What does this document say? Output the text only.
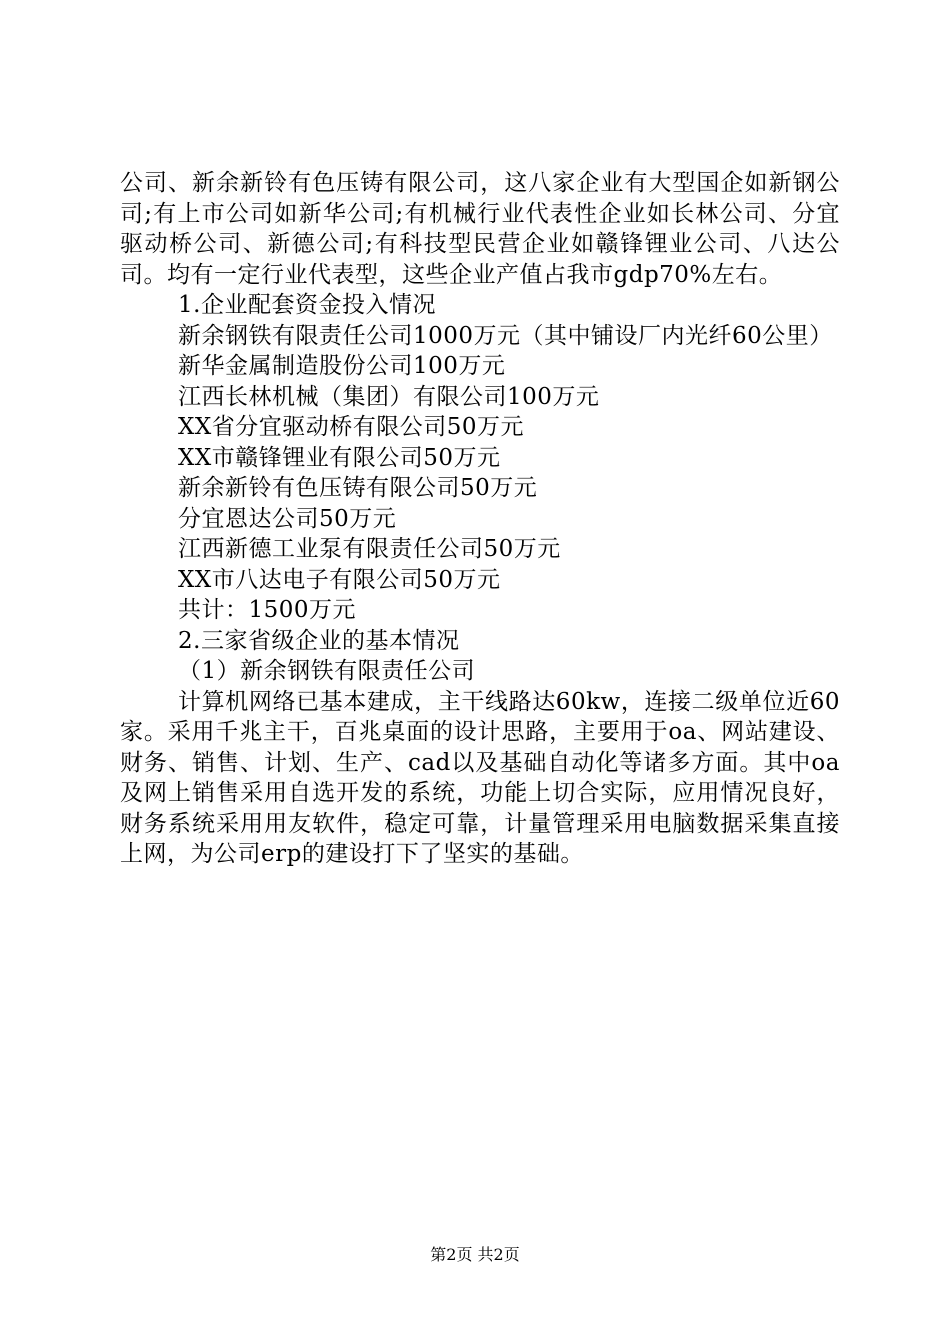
公司、新余新铃有色压铸有限公司，这八家企业有大型国企如新钢公司;有上市公司如新华公司;有机械行业代表性企业如长林公司、分宜驱动桥公司、新德公司;有科技型民营企业如赣锋锂业公司、八达公司。均有一定行业代表型，这些企业产值占我市gdp70%左右。

1.企业配套资金投入情况

新余钢铁有限责任公司1000万元（其中铺设厂内光纤60公里）

新华金属制造股份公司100万元

江西长林机械（集团）有限公司100万元

XX省分宜驱动桥有限公司50万元

XX市赣锋锂业有限公司50万元

新余新铃有色压铸有限公司50万元

分宜恩达公司50万元

江西新德工业泵有限责任公司50万元

XX市八达电子有限公司50万元

共计：1500万元

2.三家省级企业的基本情况

（1）新余钢铁有限责任公司

计算机网络已基本建成，主干线路达60kw，连接二级单位近60家。采用千兆主干，百兆桌面的设计思路，主要用于oa、网站建设、财务、销售、计划、生产、cad以及基础自动化等诸多方面。其中oa及网上销售采用自选开发的系统，功能上切合实际，应用情况良好，财务系统采用用友软件，稳定可靠，计量管理采用电脑数据采集直接上网，为公司erp的建设打下了坚实的基础。

第2页 共2页
